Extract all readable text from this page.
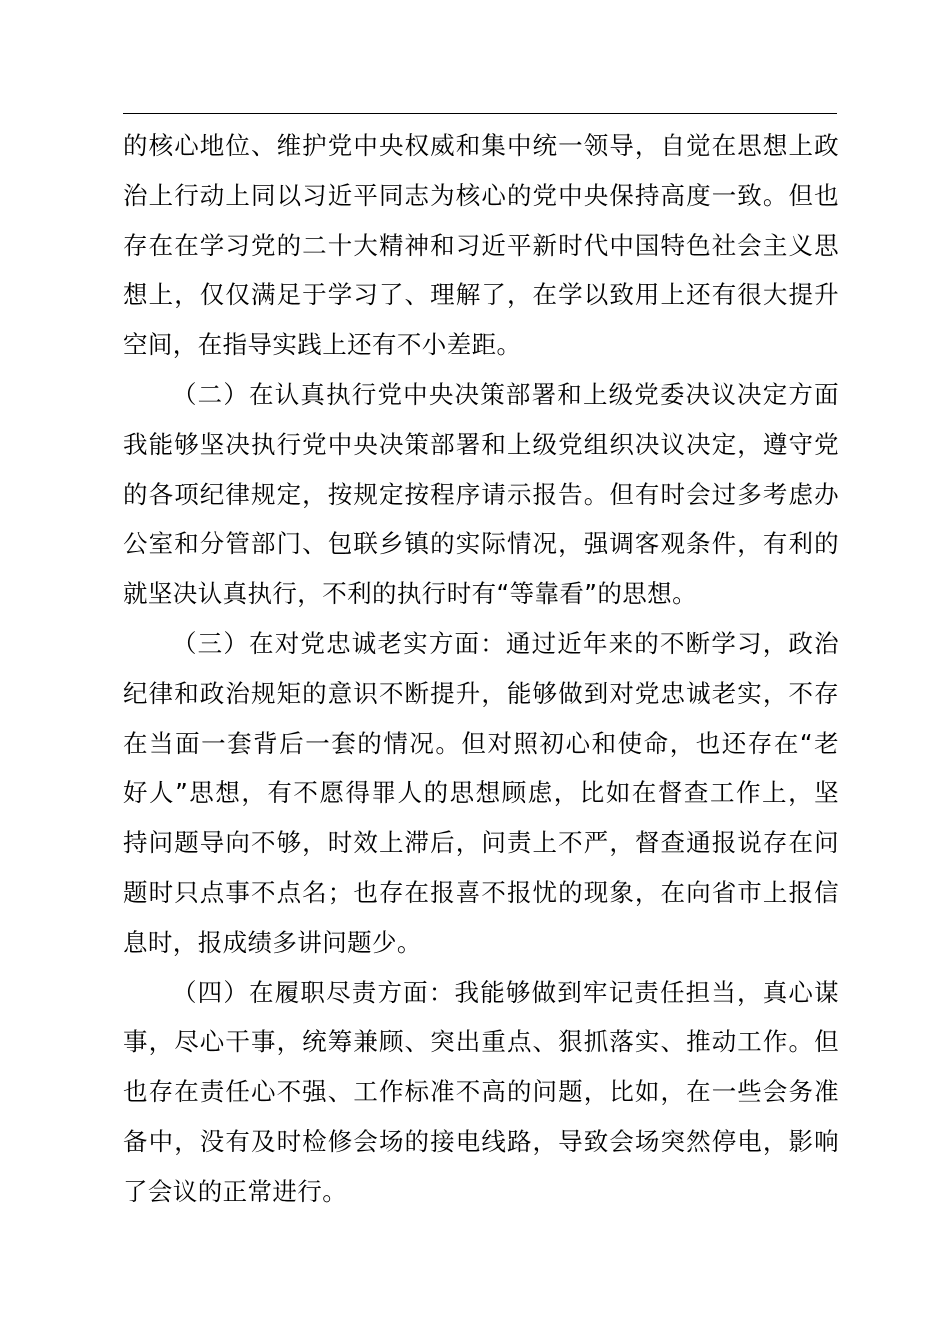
的核心地位、维护党中央权威和集中统一领导，自觉在思想上政
治上行动上同以习近平同志为核心的党中央保持高度一致。但也
存在在学习党的二十大精神和习近平新时代中国特色社会主义思
想上，仅仅满足于学习了、理解了，在学以致用上还有很大提升
空间，在指导实践上还有不小差距。
（二）在认真执行党中央决策部署和上级党委决议决定方面
我能够坚决执行党中央决策部署和上级党组织决议决定，遵守党
的各项纪律规定，按规定按程序请示报告。但有时会过多考虑办
公室和分管部门、包联乡镇的实际情况，强调客观条件，有利的
就坚决认真执行，不利的执行时有“等靠看”的思想。
（三）在对党忠诚老实方面：通过近年来的不断学习，政治
纪律和政治规矩的意识不断提升，能够做到对党忠诚老实，不存
在当面一套背后一套的情况。但对照初心和使命，也还存在“老
好人”思想，有不愿得罪人的思想顾虑，比如在督查工作上，坚
持问题导向不够，时效上滞后，问责上不严，督查通报说存在问
题时只点事不点名；也存在报喜不报忧的现象，在向省市上报信
息时，报成绩多讲问题少。
（四）在履职尽责方面：我能够做到牢记责任担当，真心谋
事，尽心干事，统筹兼顾、突出重点、狠抓落实、推动工作。但
也存在责任心不强、工作标准不高的问题，比如，在一些会务准
备中，没有及时检修会场的接电线路，导致会场突然停电，影响
了会议的正常进行。
